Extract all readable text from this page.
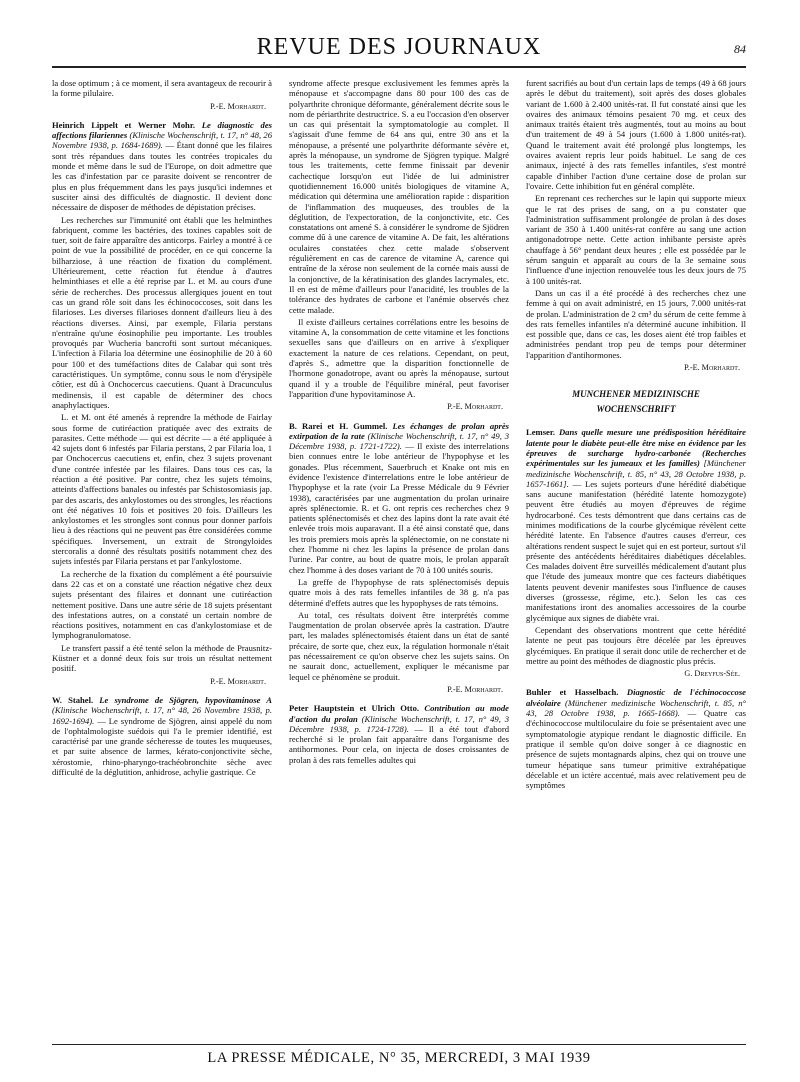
REVUE DES JOURNAUX	84

la dose optimum ; à ce moment, il sera avantageux de recourir à la forme pilulaire.

P.-E. Morhardt.

Heinrich Lippelt et Werner Mohr. Le diagnostic des affections filariennes (Klinische Wochenschrift, t. 17, n° 48, 26 Novembre 1938, p. 1684-1689). — Étant donné que les filaires sont très répandues dans toutes les contrées tropicales du monde et même dans le sud de l'Europe, on doit admettre que les cas d'infestation par ce parasite doivent se rencontrer de plus en plus fréquemment dans les pays jusqu'ici indemnes et susciter ainsi des difficultés de diagnostic. Il devient donc nécessaire de disposer de méthodes de dépistation précises.

Les recherches sur l'immunité ont établi que les helminthes fabriquent, comme les bactéries, des toxines capables soit de tuer, soit de faire apparaître des anticorps. Fairley a montré à ce point de vue la possibilité de procéder, en ce qui concerne la bilharziose, à une réaction de fixation du complément. Ultérieurement, cette réaction fut étendue à d'autres helminthiases et elle a été reprise par L. et M. au cours d'une série de recherches. Des processus allergiques jouent en tout cas un grand rôle soit dans les échinococcoses, soit dans les filarioses. Les diverses filarioses donnent d'ailleurs lieu à des réactions diverses. Ainsi, par exemple, Filaria perstans n'entraîne qu'une éosinophilie peu importante. Les troubles provoqués par Wucheria bancrofti sont surtout mécaniques. L'infection à Filaria loa détermine une éosinophilie de 20 à 60 pour 100 et des tuméfactions dites de Calabar qui sont très caractéristiques. Un symptôme, connu sous le nom d'érysipèle côtier, est dû à Onchocercus caecutiens. Quant à Dracunculus medinensis, il est capable de déterminer des chocs anaphylactiques.

L. et M. ont été amenés à reprendre la méthode de Fairlay sous forme de cutiréaction pratiquée avec des extraits de parasites. Cette méthode — qui est décrite — a été appliquée à 42 sujets dont 6 infestés par Filaria perstans, 2 par Filaria loa, 1 par Onchocercus caecutiens et, enfin, chez 3 sujets provenant d'une contrée infestée par les filaires. Dans tous ces cas, la réaction a été positive. Par contre, chez les sujets témoins, atteints d'affections banales ou infestés par Schistosomiasis jap. par des ascaris, des ankylostomes ou des strongles, les réactions ont été négatives 10 fois et positives 20 fois. D'ailleurs les ankylostomes et les strongles sont connus pour donner parfois lieu à des réactions qui ne peuvent pas être considérées comme spécifiques. Inversement, un extrait de Strongyloides stercoralis a donné des résultats positifs notamment chez des sujets infestés par Filaria perstans et par l'ankylostome.

La recherche de la fixation du complément a été poursuivie dans 22 cas et on a constaté une réaction négative chez deux sujets présentant des filaires et donnant une cutiréaction nettement positive. Dans une autre série de 18 sujets présentant des infestations autres, on a constaté un certain nombre de réactions positives, notamment en cas d'ankylostomiase et de lymphogranulomatose.

Le transfert passif a été tenté selon la méthode de Prausnitz-Küstner et a donné deux fois sur trois un résultat nettement positif.

P.-E. Morhardt.

W. Stahel. Le syndrome de Sjögren, hypovitaminose A (Klinische Wochenschrift, t. 17, n° 48, 26 Novembre 1938, p. 1692-1694). — Le syndrome de Sjögren, ainsi appelé du nom de l'ophtalmologiste suédois qui l'a le premier identifié, est caractérisé par une grande sécheresse de toutes les muqueuses, et par suite absence de larmes, kérato-conjonctivite sèche, xérostomie, rhino-pharyngo-trachéobronchite sèche avec difficulté de la déglutition, anhidrose, achylie gastrique. Ce

syndrome affecte presque exclusivement les femmes après la ménopause et s'accompagne dans 80 pour 100 des cas de polyarthrite chronique déformante, généralement décrite sous le nom de périarthrite destructrice. S. a eu l'occasion d'en observer un cas qui présentait la symptomatologie au complet. Il s'agissait d'une femme de 64 ans qui, entre 30 ans et la ménopause, a présenté une polyarthrite déformante sévère et, après la ménopause, un syndrome de Sjögren typique. Malgré tous les traitements, cette femme finissait par devenir cachectique lorsqu'on eut l'idée de lui administrer quotidiennement 16.000 unités biologiques de vitamine A, médication qui détermina une amélioration rapide : disparition de l'inflammation des muqueuses, des troubles de la déglutition, de l'expectoration, de la conjonctivite, etc. Ces constatations ont amené S. à considérer le syndrome de Sjödren comme dû à une carence de vitamine A. De fait, les altérations oculaires constatées chez cette malade s'observent régulièrement en cas de carence de vitamine A, carence qui entraîne de la xérose non seulement de la cornée mais aussi de la conjonctive, de la kératinisation des glandes lacrymales, etc. Il en est de même d'ailleurs pour l'anacidité, les troubles de la tolérance des hydrates de carbone et l'anémie observés chez cette malade.

Il existe d'ailleurs certaines corrélations entre les besoins de vitamine A, la consommation de cette vitamine et les fonctions sexuelles sans que d'ailleurs on en arrive à s'expliquer exactement la nature de ces relations. Cependant, on peut, d'après S., admettre que la disparition fonctionnelle de l'hormone gonadotrope, avant ou après la ménopause, surtout quand il y a trouble de l'équilibre minéral, peut favoriser l'apparition d'une hypovitaminose A.

P.-E. Morhardt.

B. Rarei et H. Gummel. Les échanges de prolan après extirpation de la rate (Klinische Wochenschrift, t. 17, n° 49, 3 Décembre 1938, p. 1721-1722). — Il existe des interrelations bien connues entre le lobe antérieur de l'hypophyse et les gonades. Plus récemment, Sauerbruch et Knake ont mis en évidence l'existence d'interrelations entre le lobe antérieur de l'hypophyse et la rate (voir La Presse Médicale du 9 Février 1938), caractérisées par une augmentation du prolan urinaire après splénectomie. R. et G. ont repris ces recherches chez 9 patients splénectomisés et chez des lapins dont la rate avait été enlevée trois mois auparavant. Il a été ainsi constaté que, dans les trois premiers mois après la splénectomie, on ne constate ni chez l'homme ni chez les lapins la présence de prolan dans l'urine. Par contre, au bout de quatre mois, le prolan apparaît chez l'homme à des doses variant de 70 à 100 unités souris.

La greffe de l'hypophyse de rats splénectomisés depuis quatre mois à des rats femelles infantiles de 38 g. n'a pas déterminé d'effets autres que les hypophyses de rats témoins.

Au total, ces résultats doivent être interprétés comme l'augmentation de prolan observée après la castration. D'autre part, les malades splénectomisés étaient dans un état de santé précaire, de sorte que, chez eux, la régulation hormonale n'était pas nécessairement ce qu'on observe chez les sujets sains. On ne saurait donc, actuellement, expliquer le mécanisme par lequel ce phénomène se produit.

P.-E. Morhardt.

Peter Hauptstein et Ulrich Otto. Contribution au mode d'action du prolan (Klinische Wochenschrift, t. 17, n° 49, 3 Décembre 1938, p. 1724-1728). — Il a été tout d'abord recherché si le prolan fait apparaître dans l'organisme des antihormones. Pour cela, on injecta de doses croissantes de prolan à des rats femelles adultes qui

furent sacrifiés au bout d'un certain laps de temps (49 à 68 jours après le début du traitement), soit après des doses globales variant de 1.600 à 2.400 unités-rat. Il fut constaté ainsi que les ovaires des animaux témoins pesaient 70 mg. et ceux des animaux traités étaient très augmentés, tout au moins au bout d'un traitement de 49 à 54 jours (1.600 à 1.800 unités-rat). Quand le traitement avait été prolongé plus longtemps, les ovaires avaient repris leur poids habituel. Le sang de ces animaux, injecté à des rats femelles infantiles, s'est montré capable d'inhiber l'action d'une certaine dose de prolan sur l'ovaire. Cette inhibition fut en général complète.

En reprenant ces recherches sur le lapin qui supporte mieux que le rat des prises de sang, on a pu constater que l'administration suffisamment prolongée de prolan à des doses variant de 350 à 1.400 unités-rat confère au sang une action antigonadotrope nette. Cette action inhibante persiste après chauffage à 56° pendant deux heures ; elle est possédée par le sérum sanguin et apparaît au cours de la 3e semaine sous l'influence d'une injection renouvelée tous les deux jours de 75 à 100 unités-rat.

Dans un cas il a été procédé à des recherches chez une femme à qui on avait administré, en 15 jours, 7.000 unités-rat de prolan. L'administration de 2 cm³ du sérum de cette femme à des rats femelles infantiles n'a déterminé aucune inhibition. Il est possible que, dans ce cas, les doses aient été trop faibles et administrées pendant trop peu de temps pour déterminer l'apparition d'antihormones.

P.-E. Morhardt.

MUNCHENER MEDIZINISCHE
WOCHENSCHRIFT

Lemser. Dans quelle mesure une prédisposition héréditaire latente pour le diabète peut-elle être mise en évidence par les épreuves de surcharge hydro-carbonée (Recherches expérimentales sur les jumeaux et les familles) [Münchener medizinische Wochenschrift, t. 85, n° 43, 28 Octobre 1938, p. 1657-1661]. — Les sujets porteurs d'une hérédité diabétique sans aucune manifestation (hérédité latente homozygote) peuvent être étudiés au moyen d'épreuves de régime hydrocarboné. Ces tests démontrent que dans certains cas de minimes modifications de la courbe glycémique révèlent cette hérédité latente. En l'absence d'autres causes d'erreur, ces altérations rendent suspect le sujet qui en est porteur, surtout s'il présente des antécédents héréditaires diabétiques décelables. Ces malades doivent être surveillés médicalement d'autant plus que l'étude des jumeaux montre que ces facteurs diabétiques latents peuvent devenir manifestes sous l'influence de causes diverses (grossesse, régime, etc.). Selon les cas ces manifestations iront des anomalies accessoires de la courbe glycémique aux signes de diabète vrai.

Cependant des observations montrent que cette hérédité latente ne peut pas toujours être décelée par les épreuves glycémiques. En pratique il serait donc utile de rechercher et de mettre au point des méthodes de diagnostic plus précis.

G. Dreyfus-Sée.

Buhler et Hasselbach. Diagnostic de l'échinococcose alvéolaire (Münchener medizinische Wochenschrift, t. 85, n° 43, 28 Octobre 1938, p. 1665-1668). — Quatre cas d'échinococcose multiloculaire du foie se présentaient avec une symptomatologie atypique rendant le diagnostic difficile. En pratique il semble qu'on doive songer à ce diagnostic en présence de sujets montagnards alpins, chez qui on trouve une tumeur hépatique sans tumeur primitive extrahépatique décelable et un ictère accentué, mais avec relativement peu de symptômes

LA PRESSE MÉDICALE, N° 35, MERCREDI, 3 MAI 1939
